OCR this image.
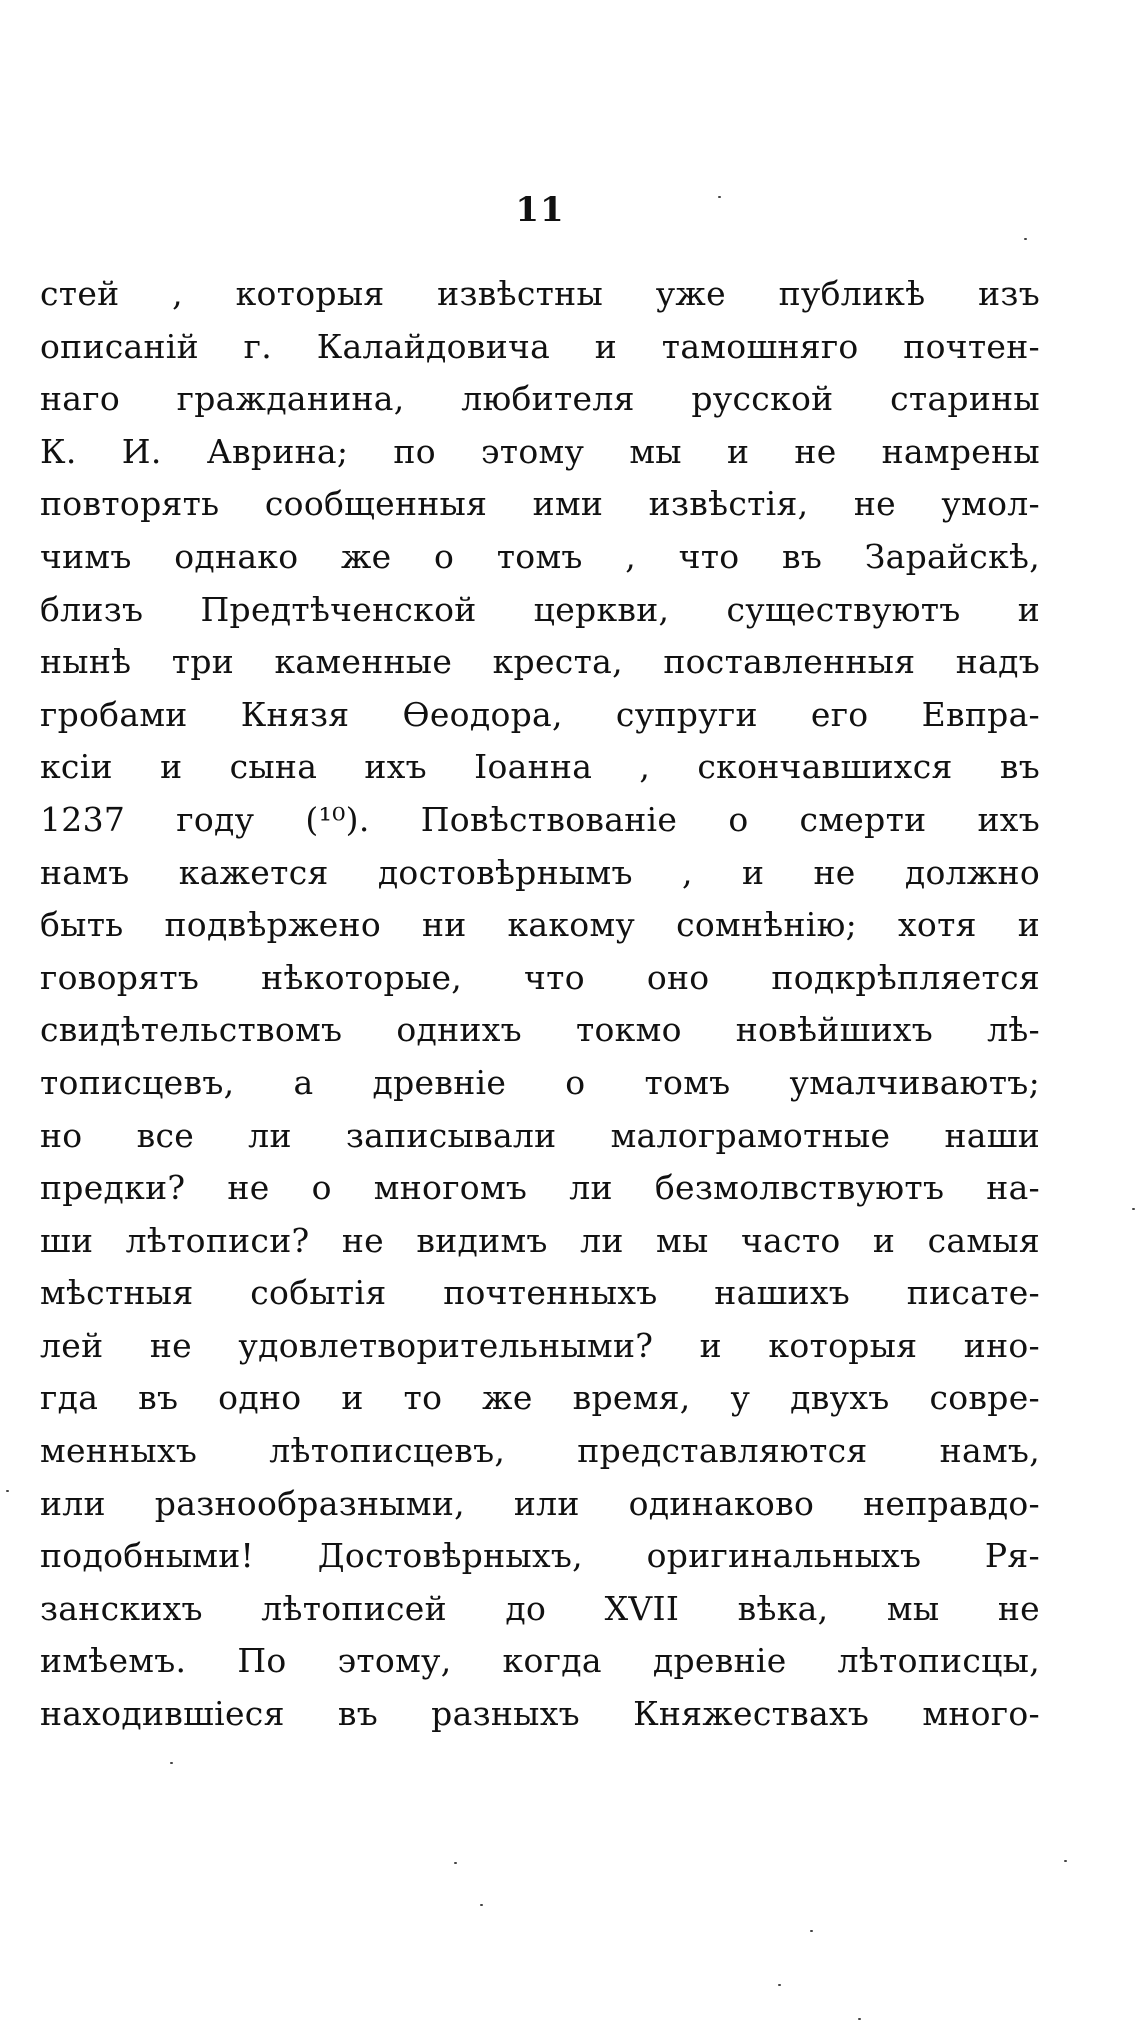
11
стей , которыя извѣстны уже публикѣ изъ
описаній г. Калайдовича и тамошняго почтен-
наго гражданина, любителя русской старины
К. И. Аврина; по этому мы и не намрены
повторять сообщенныя ими извѣстія, не умол-
чимъ однако же о томъ , что въ Зарайскѣ,
близъ Предтѣченской церкви, существуютъ и
нынѣ три каменные креста, поставленныя надъ
гробами Князя Ѳеодора, супруги его Евпра-
ксіи и сына ихъ Іоанна , скончавшихся въ
1237 году (¹⁰). Повѣствованіе о смерти ихъ
намъ кажется достовѣрнымъ , и не должно
быть подвѣржено ни какому сомнѣнію; хотя и
говорятъ нѣкоторые, что оно подкрѣпляется
свидѣтельствомъ однихъ токмо новѣйшихъ лѣ-
тописцевъ, а древніе о томъ умалчиваютъ;
но все ли записывали малограмотные наши
предки? не о многомъ ли безмолвствуютъ на-
ши лѣтописи? не видимъ ли мы часто и самыя
мѣстныя событія почтенныхъ нашихъ писате-
лей не удовлетворительными? и которыя ино-
гда въ одно и то же время, у двухъ совре-
менныхъ лѣтописцевъ, представляются намъ,
или разнообразными, или одинаково неправдо-
подобными! Достовѣрныхъ, оригинальныхъ Ря-
занскихъ лѣтописей до XVII вѣка, мы не
имѣемъ. По этому, когда древніе лѣтописцы,
находившіеся въ разныхъ Княжествахъ много-
